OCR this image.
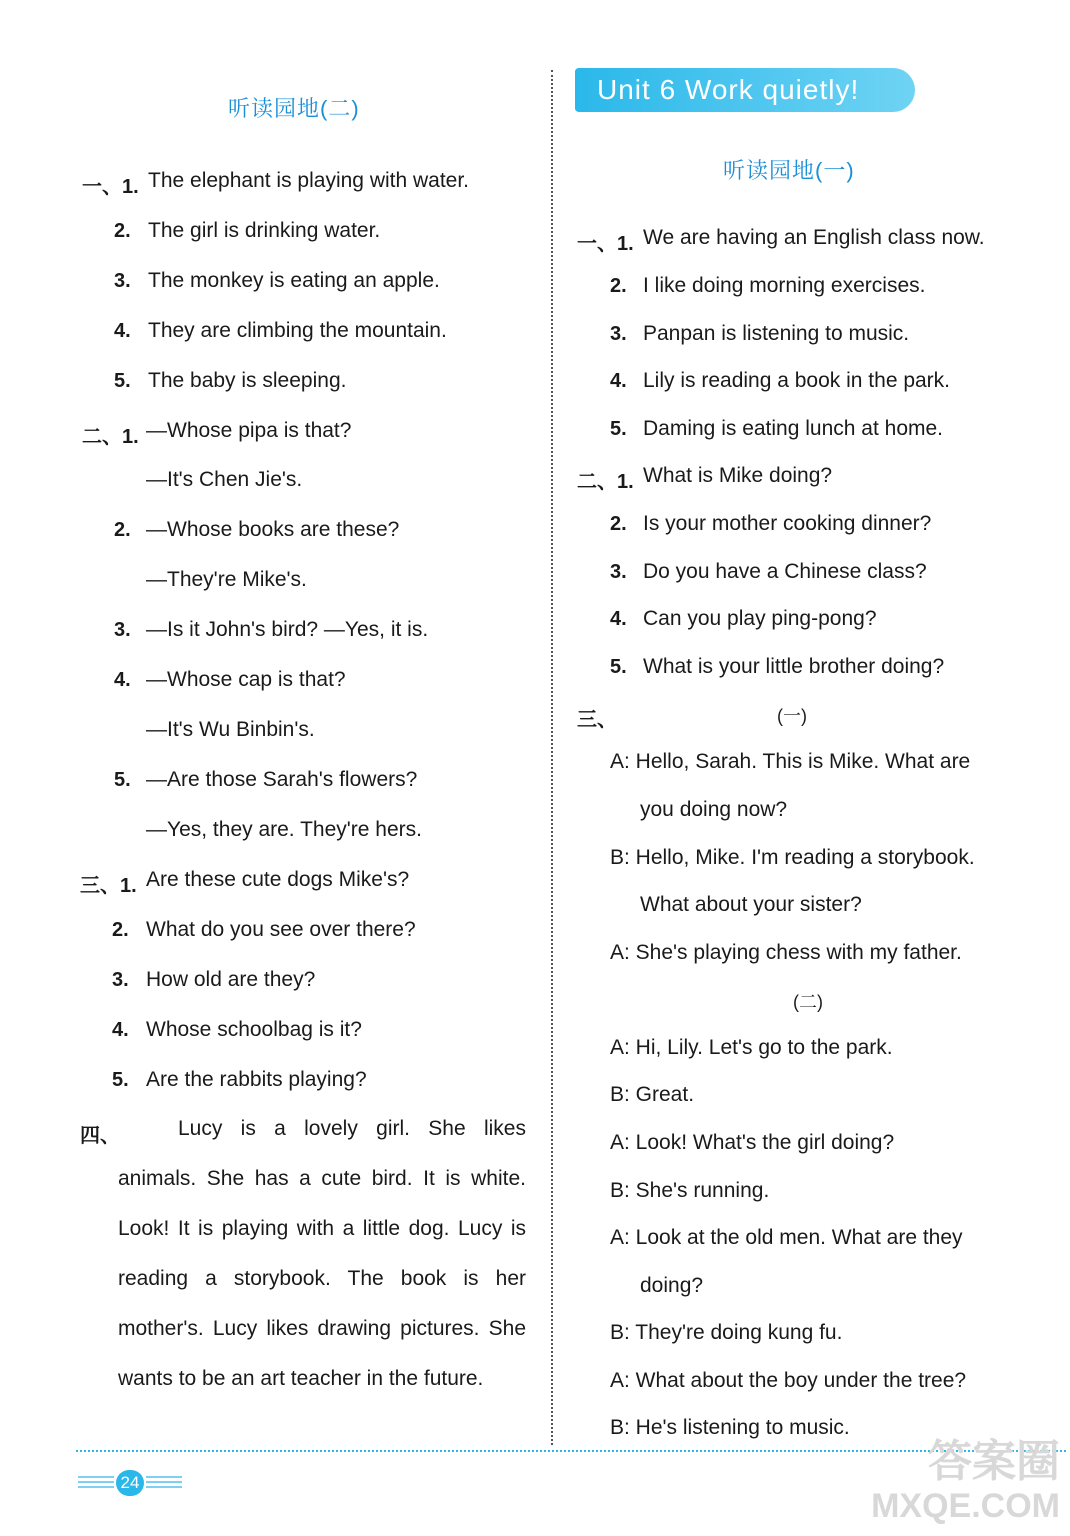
听读园地(二)
一、1. The elephant is playing with water.
2. The girl is drinking water.
3. The monkey is eating an apple.
4. They are climbing the mountain.
5. The baby is sleeping.
二、1. —Whose pipa is that?
—It's Chen Jie's.
2. —Whose books are these?
—They're Mike's.
3. —Is it John's bird? —Yes, it is.
4. —Whose cap is that?
—It's Wu Binbin's.
5. —Are those Sarah's flowers?
—Yes, they are. They're hers.
三、1. Are these cute dogs Mike's?
2. What do you see over there?
3. How old are they?
4. Whose schoolbag is it?
5. Are the rabbits playing?
四、	Lucy is a lovely girl. She likes animals. She has a cute bird. It is white. Look! It is playing with a little dog. Lucy is reading a storybook. The book is her mother's. Lucy likes drawing pictures. She wants to be an art teacher in the future.
Unit 6 Work quietly!
听读园地(一)
一、1. We are having an English class now.
2. I like doing morning exercises.
3. Panpan is listening to music.
4. Lily is reading a book in the park.
5. Daming is eating lunch at home.
二、1. What is Mike doing?
2. Is your mother cooking dinner?
3. Do you have a Chinese class?
4. Can you play ping-pong?
5. What is your little brother doing?
三、	(一)
A: Hello, Sarah. This is Mike. What are
you doing now?
B: Hello, Mike. I'm reading a storybook.
What about your sister?
A: She's playing chess with my father.
(二)
A: Hi, Lily. Let's go to the park.
B: Great.
A: Look! What's the girl doing?
B: She's running.
A: Look at the old men. What are they
doing?
B: They're doing kung fu.
A: What about the boy under the tree?
B: He's listening to music.
24	答案圈
MXQE.COM
